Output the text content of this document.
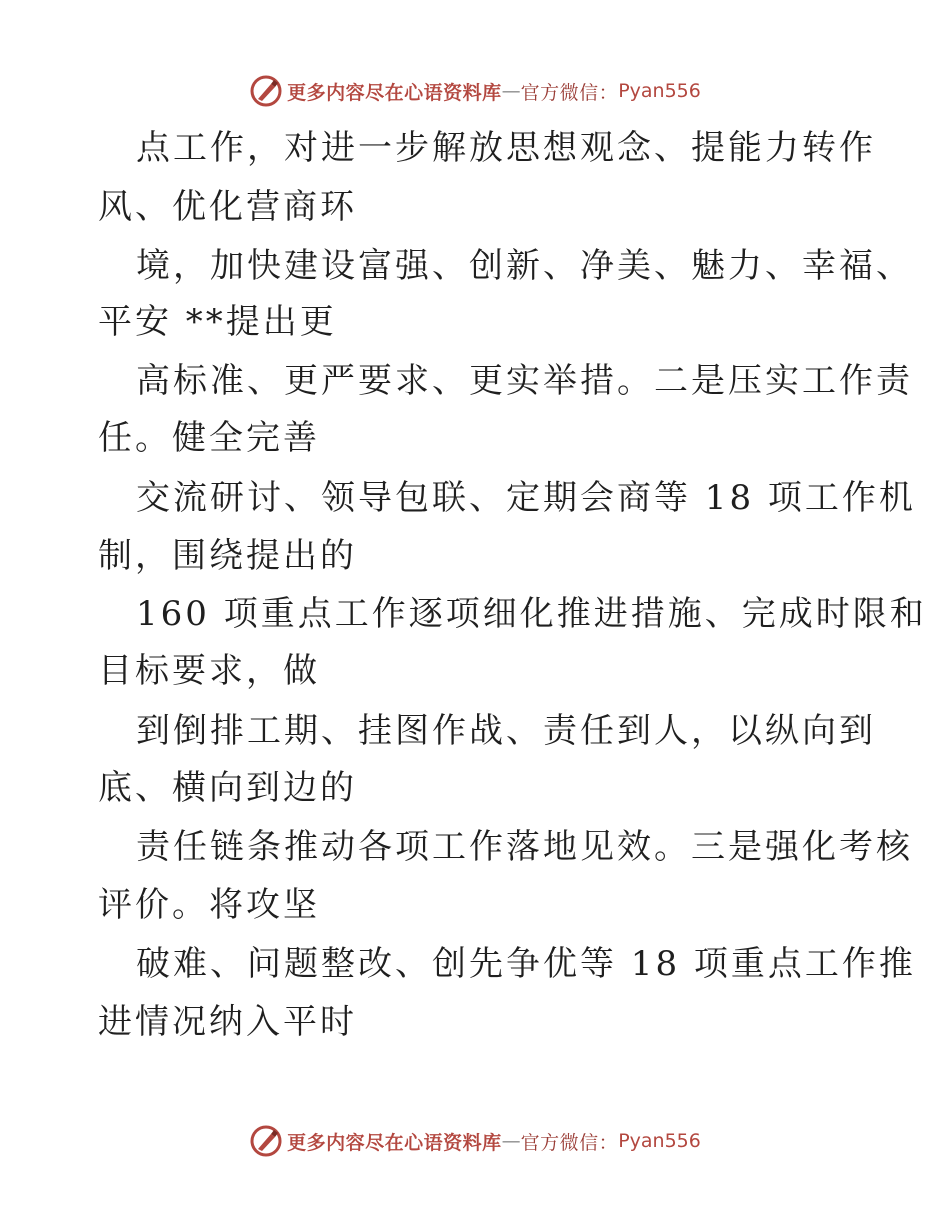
更多内容尽在心语资料库 — 官方微信： Pyan556
点工作，对进一步解放思想观念、提能力转作
风、优化营商环
境，加快建设富强、创新、净美、魅力、幸福、
平安 **提出更
高标准、更严要求、更实举措。二是压实工作责
任。健全完善
交流研讨、领导包联、定期会商等 18 项工作机
制，围绕提出的
160 项重点工作逐项细化推进措施、完成时限和
目标要求，做
到倒排工期、挂图作战、责任到人，以纵向到
底、横向到边的
责任链条推动各项工作落地见效。三是强化考核
评价。将攻坚
破难、问题整改、创先争优等 18 项重点工作推
进情况纳入平时
更多内容尽在心语资料库 — 官方微信： Pyan556
